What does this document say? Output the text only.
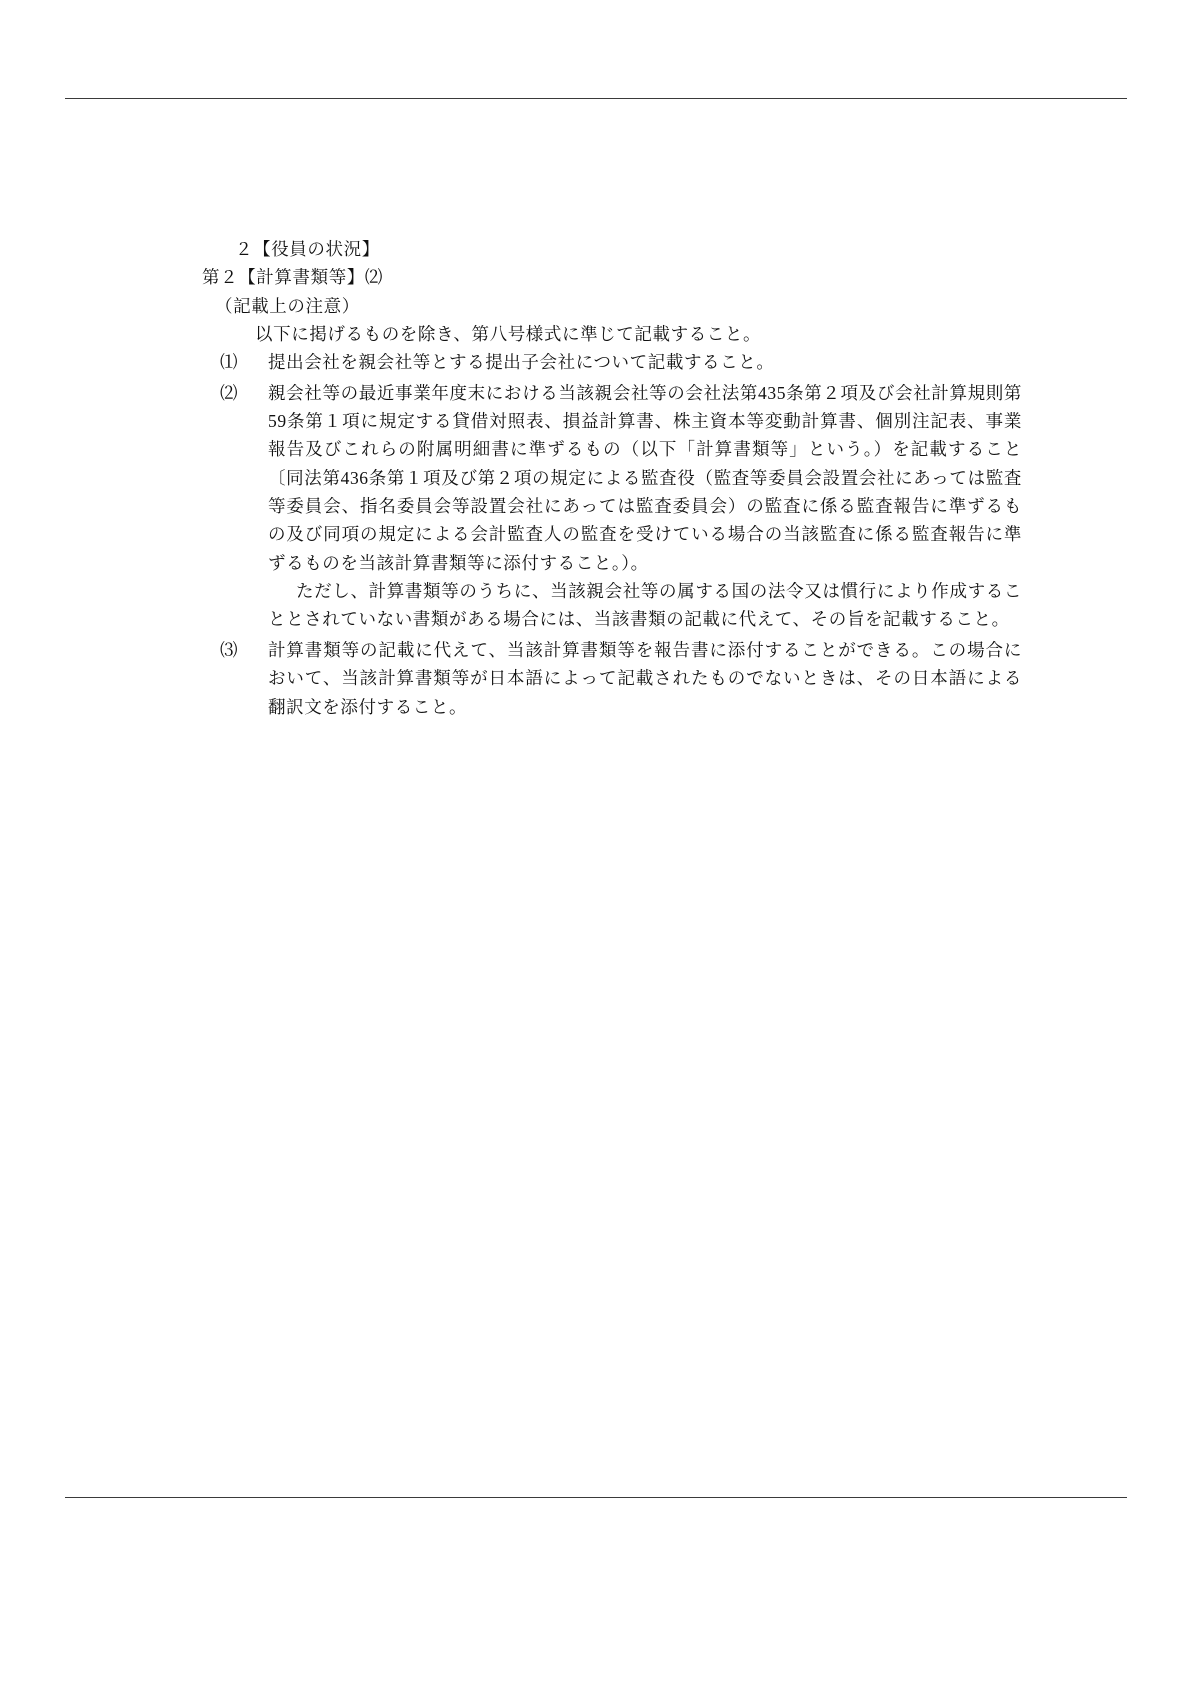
２【役員の状況】
第２【計算書類等】⑵
（記載上の注意）
以下に掲げるものを除き、第八号様式に準じて記載すること。
⑴	提出会社を親会社等とする提出子会社について記載すること。
⑵	親会社等の最近事業年度末における当該親会社等の会社法第435条第２項及び会社計算規則第59条第１項に規定する貸借対照表、損益計算書、株主資本等変動計算書、個別注記表、事業報告及びこれらの附属明細書に準ずるもの（以下「計算書類等」という。）を記載すること〔同法第436条第１項及び第２項の規定による監査役（監査等委員会設置会社にあっては監査等委員会、指名委員会等設置会社にあっては監査委員会）の監査に係る監査報告に準ずるもの及び同項の規定による会計監査人の監査を受けている場合の当該監査に係る監査報告に準ずるものを当該計算書類等に添付すること。）。
ただし、計算書類等のうちに、当該親会社等の属する国の法令又は慣行により作成することとされていない書類がある場合には、当該書類の記載に代えて、その旨を記載すること。
⑶	計算書類等の記載に代えて、当該計算書類等を報告書に添付することができる。この場合において、当該計算書類等が日本語によって記載されたものでないときは、その日本語による翻訳文を添付すること。
